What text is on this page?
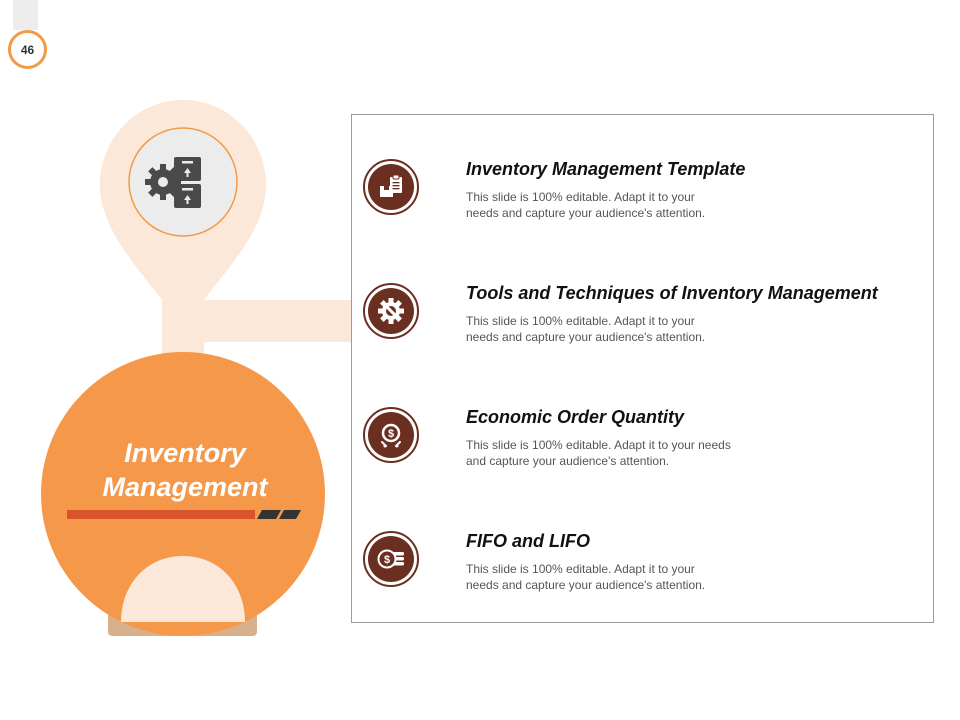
46
Inventory
Management
Inventory Management Template
This slide is 100% editable. Adapt it to your
needs and capture your audience's attention.
Tools and Techniques of Inventory Management
This slide is 100% editable. Adapt it to your
needs and capture your audience's attention.
$
Economic Order Quantity
This slide is 100% editable. Adapt it to your needs
and capture your audience's attention.
$
FIFO and LIFO
This slide is 100% editable. Adapt it to your
needs and capture your audience's attention.
